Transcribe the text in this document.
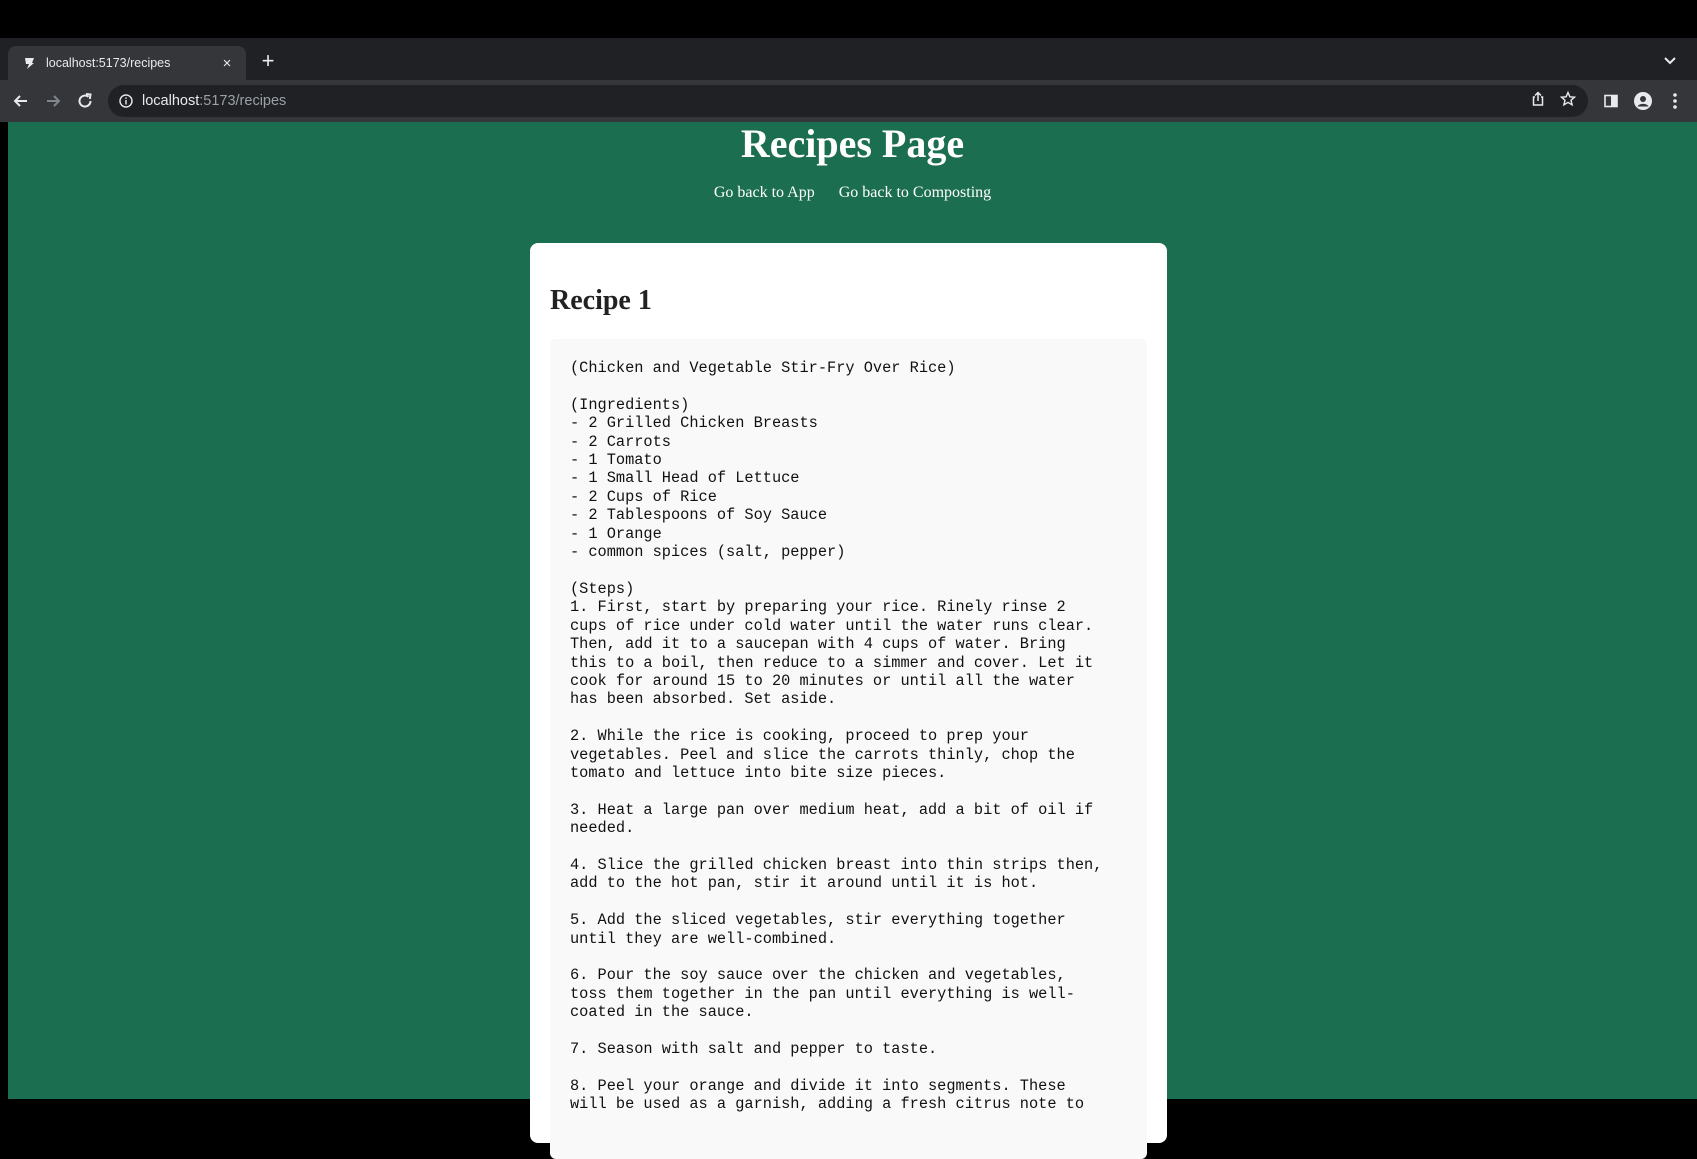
localhost:5173/recipes	× +
localhost:5173/recipes
Recipes Page
Go back to App Go back to Composting
Recipe 1
(Chicken and Vegetable Stir-Fry Over Rice)

(Ingredients)
- 2 Grilled Chicken Breasts
- 2 Carrots
- 1 Tomato
- 1 Small Head of Lettuce
- 2 Cups of Rice
- 2 Tablespoons of Soy Sauce
- 1 Orange
- common spices (salt, pepper)

(Steps)
1. First, start by preparing your rice. Rinely rinse 2
cups of rice under cold water until the water runs clear.
Then, add it to a saucepan with 4 cups of water. Bring
this to a boil, then reduce to a simmer and cover. Let it
cook for around 15 to 20 minutes or until all the water
has been absorbed. Set aside.

2. While the rice is cooking, proceed to prep your
vegetables. Peel and slice the carrots thinly, chop the
tomato and lettuce into bite size pieces.

3. Heat a large pan over medium heat, add a bit of oil if
needed.

4. Slice the grilled chicken breast into thin strips then,
add to the hot pan, stir it around until it is hot.

5. Add the sliced vegetables, stir everything together
until they are well-combined.

6. Pour the soy sauce over the chicken and vegetables,
toss them together in the pan until everything is well-
coated in the sauce.

7. Season with salt and pepper to taste.

8. Peel your orange and divide it into segments. These
will be used as a garnish, adding a fresh citrus note to
